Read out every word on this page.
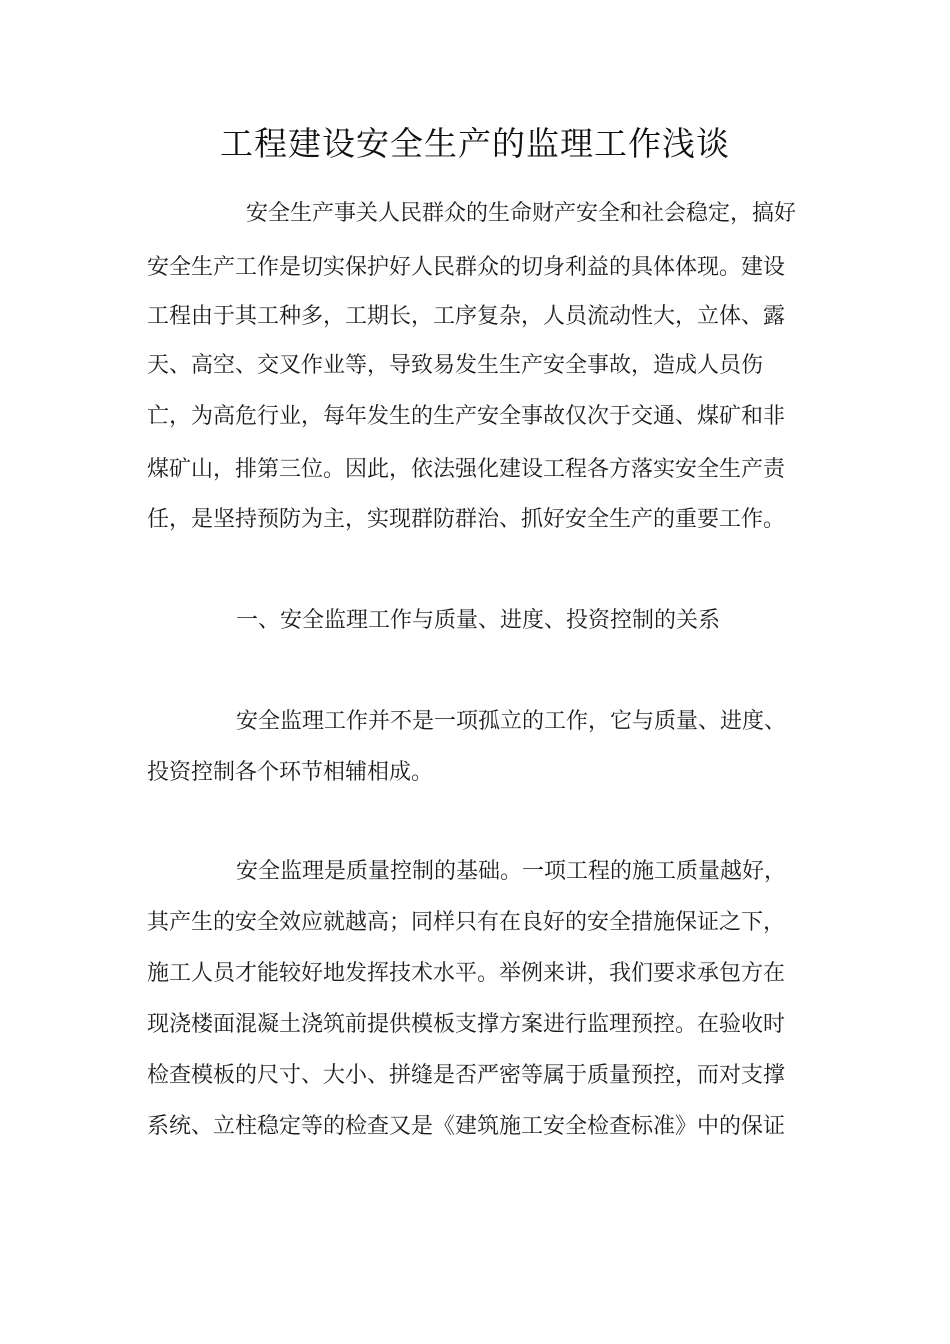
工程建设安全生产的监理工作浅谈
安全生产事关人民群众的生命财产安全和社会稳定，搞好
安全生产工作是切实保护好人民群众的切身利益的具体体现。建设
工程由于其工种多，工期长，工序复杂，人员流动性大，立体、露
天、高空、交叉作业等，导致易发生生产安全事故，造成人员伤
亡，为高危行业，每年发生的生产安全事故仅次于交通、煤矿和非
煤矿山，排第三位。因此，依法强化建设工程各方落实安全生产责
任，是坚持预防为主，实现群防群治、抓好安全生产的重要工作。
一、安全监理工作与质量、进度、投资控制的关系
安全监理工作并不是一项孤立的工作，它与质量、进度、
投资控制各个环节相辅相成。
安全监理是质量控制的基础。一项工程的施工质量越好，
其产生的安全效应就越高；同样只有在良好的安全措施保证之下，
施工人员才能较好地发挥技术水平。举例来讲，我们要求承包方在
现浇楼面混凝土浇筑前提供模板支撑方案进行监理预控。在验收时
检查模板的尺寸、大小、拼缝是否严密等属于质量预控，而对支撑
系统、立柱稳定等的检查又是《建筑施工安全检查标准》中的保证
